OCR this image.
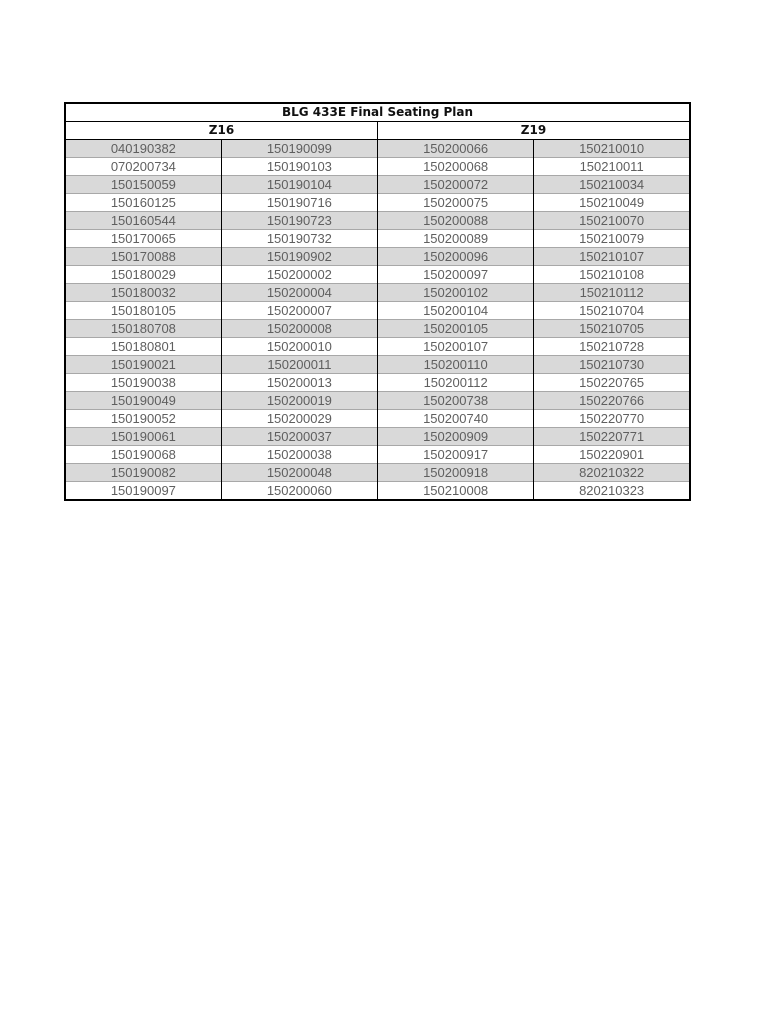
BLG 433E Final Seating Plan			
Z16		Z19	
040190382	150190099	150200066	150210010
070200734	150190103	150200068	150210011
150150059	150190104	150200072	150210034
150160125	150190716	150200075	150210049
150160544	150190723	150200088	150210070
150170065	150190732	150200089	150210079
150170088	150190902	150200096	150210107
150180029	150200002	150200097	150210108
150180032	150200004	150200102	150210112
150180105	150200007	150200104	150210704
150180708	150200008	150200105	150210705
150180801	150200010	150200107	150210728
150190021	150200011	150200110	150210730
150190038	150200013	150200112	150220765
150190049	150200019	150200738	150220766
150190052	150200029	150200740	150220770
150190061	150200037	150200909	150220771
150190068	150200038	150200917	150220901
150190082	150200048	150200918	820210322
150190097	150200060	150210008	820210323
